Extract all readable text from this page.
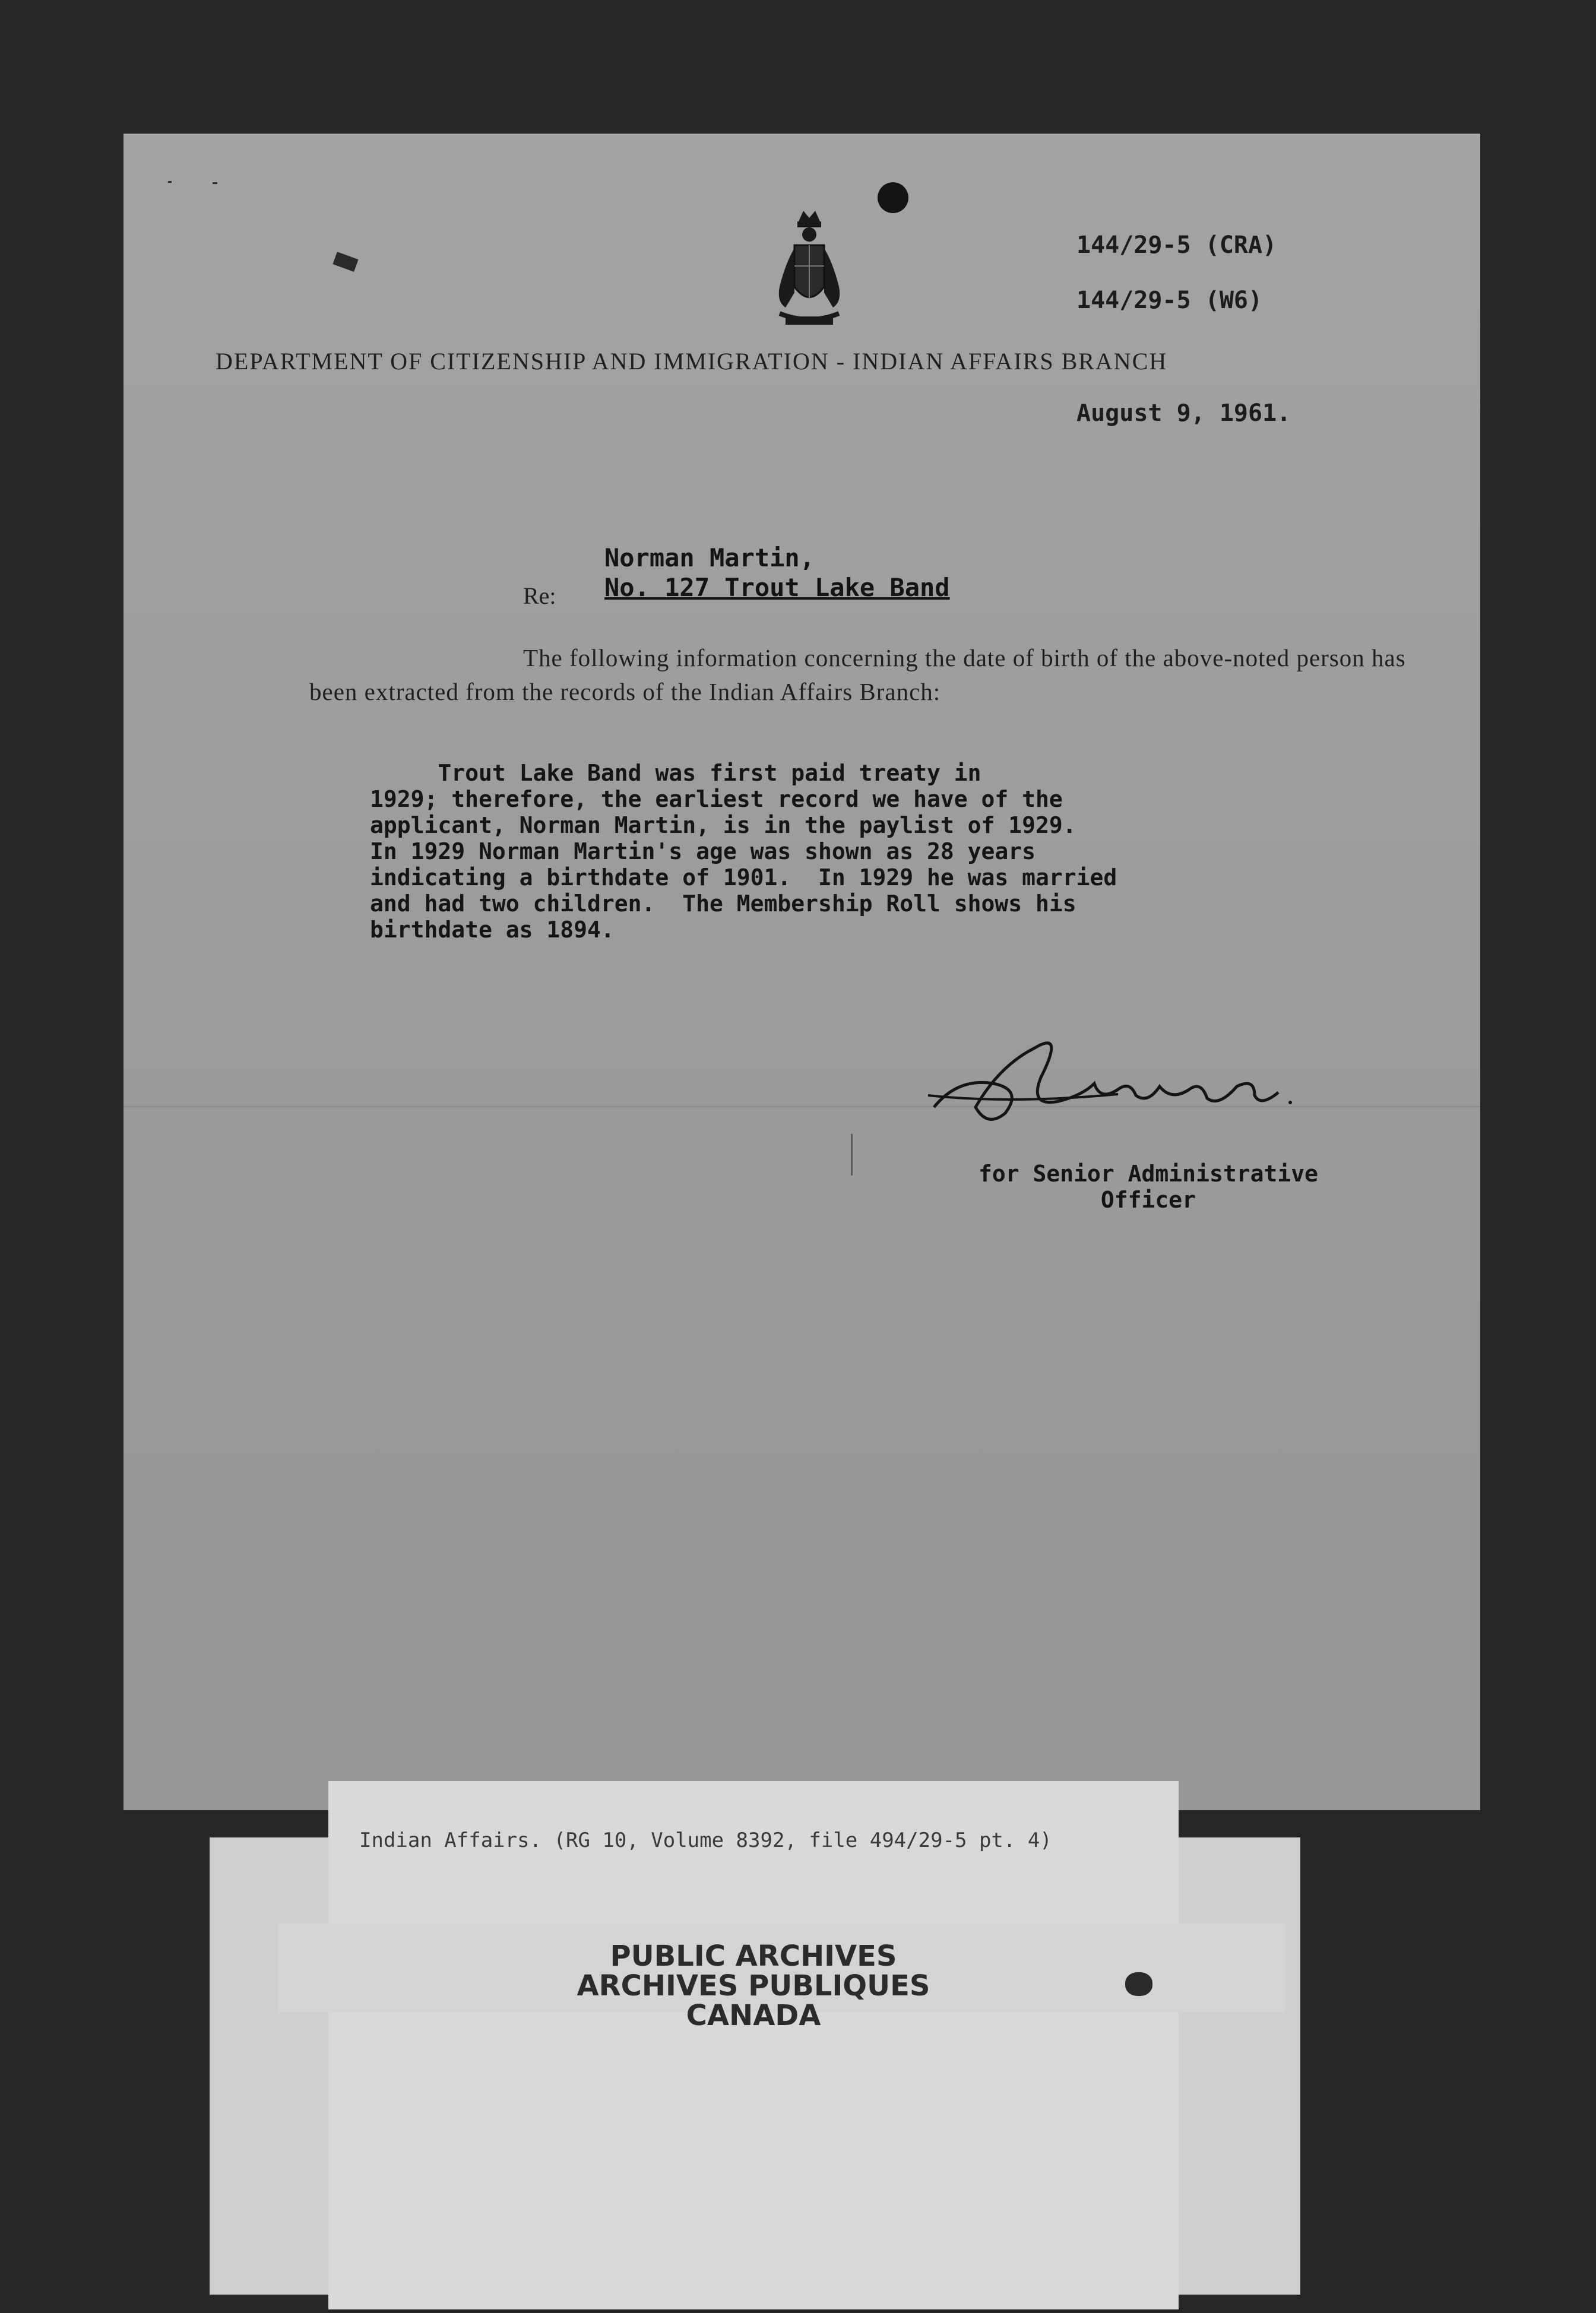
144/29-5 (CRA)
144/29-5 (W6)
DEPARTMENT OF CITIZENSHIP AND IMMIGRATION - INDIAN AFFAIRS BRANCH
August 9, 1961.
Re:
Norman Martin,
No. 127 Trout Lake Band
The following information concerning the date of birth of the above-noted person has been extracted from the records of the Indian Affairs Branch:
Trout Lake Band was first paid treaty in
1929; therefore, the earliest record we have of the
applicant, Norman Martin, is in the paylist of 1929.
In 1929 Norman Martin's age was shown as 28 years
indicating a birthdate of 1901.  In 1929 he was married
and had two children.  The Membership Roll shows his
birthdate as 1894.
for Senior Administrative
Officer
Indian Affairs. (RG 10, Volume 8392, file 494/29-5 pt. 4)
PUBLIC ARCHIVES
ARCHIVES PUBLIQUES
CANADA
